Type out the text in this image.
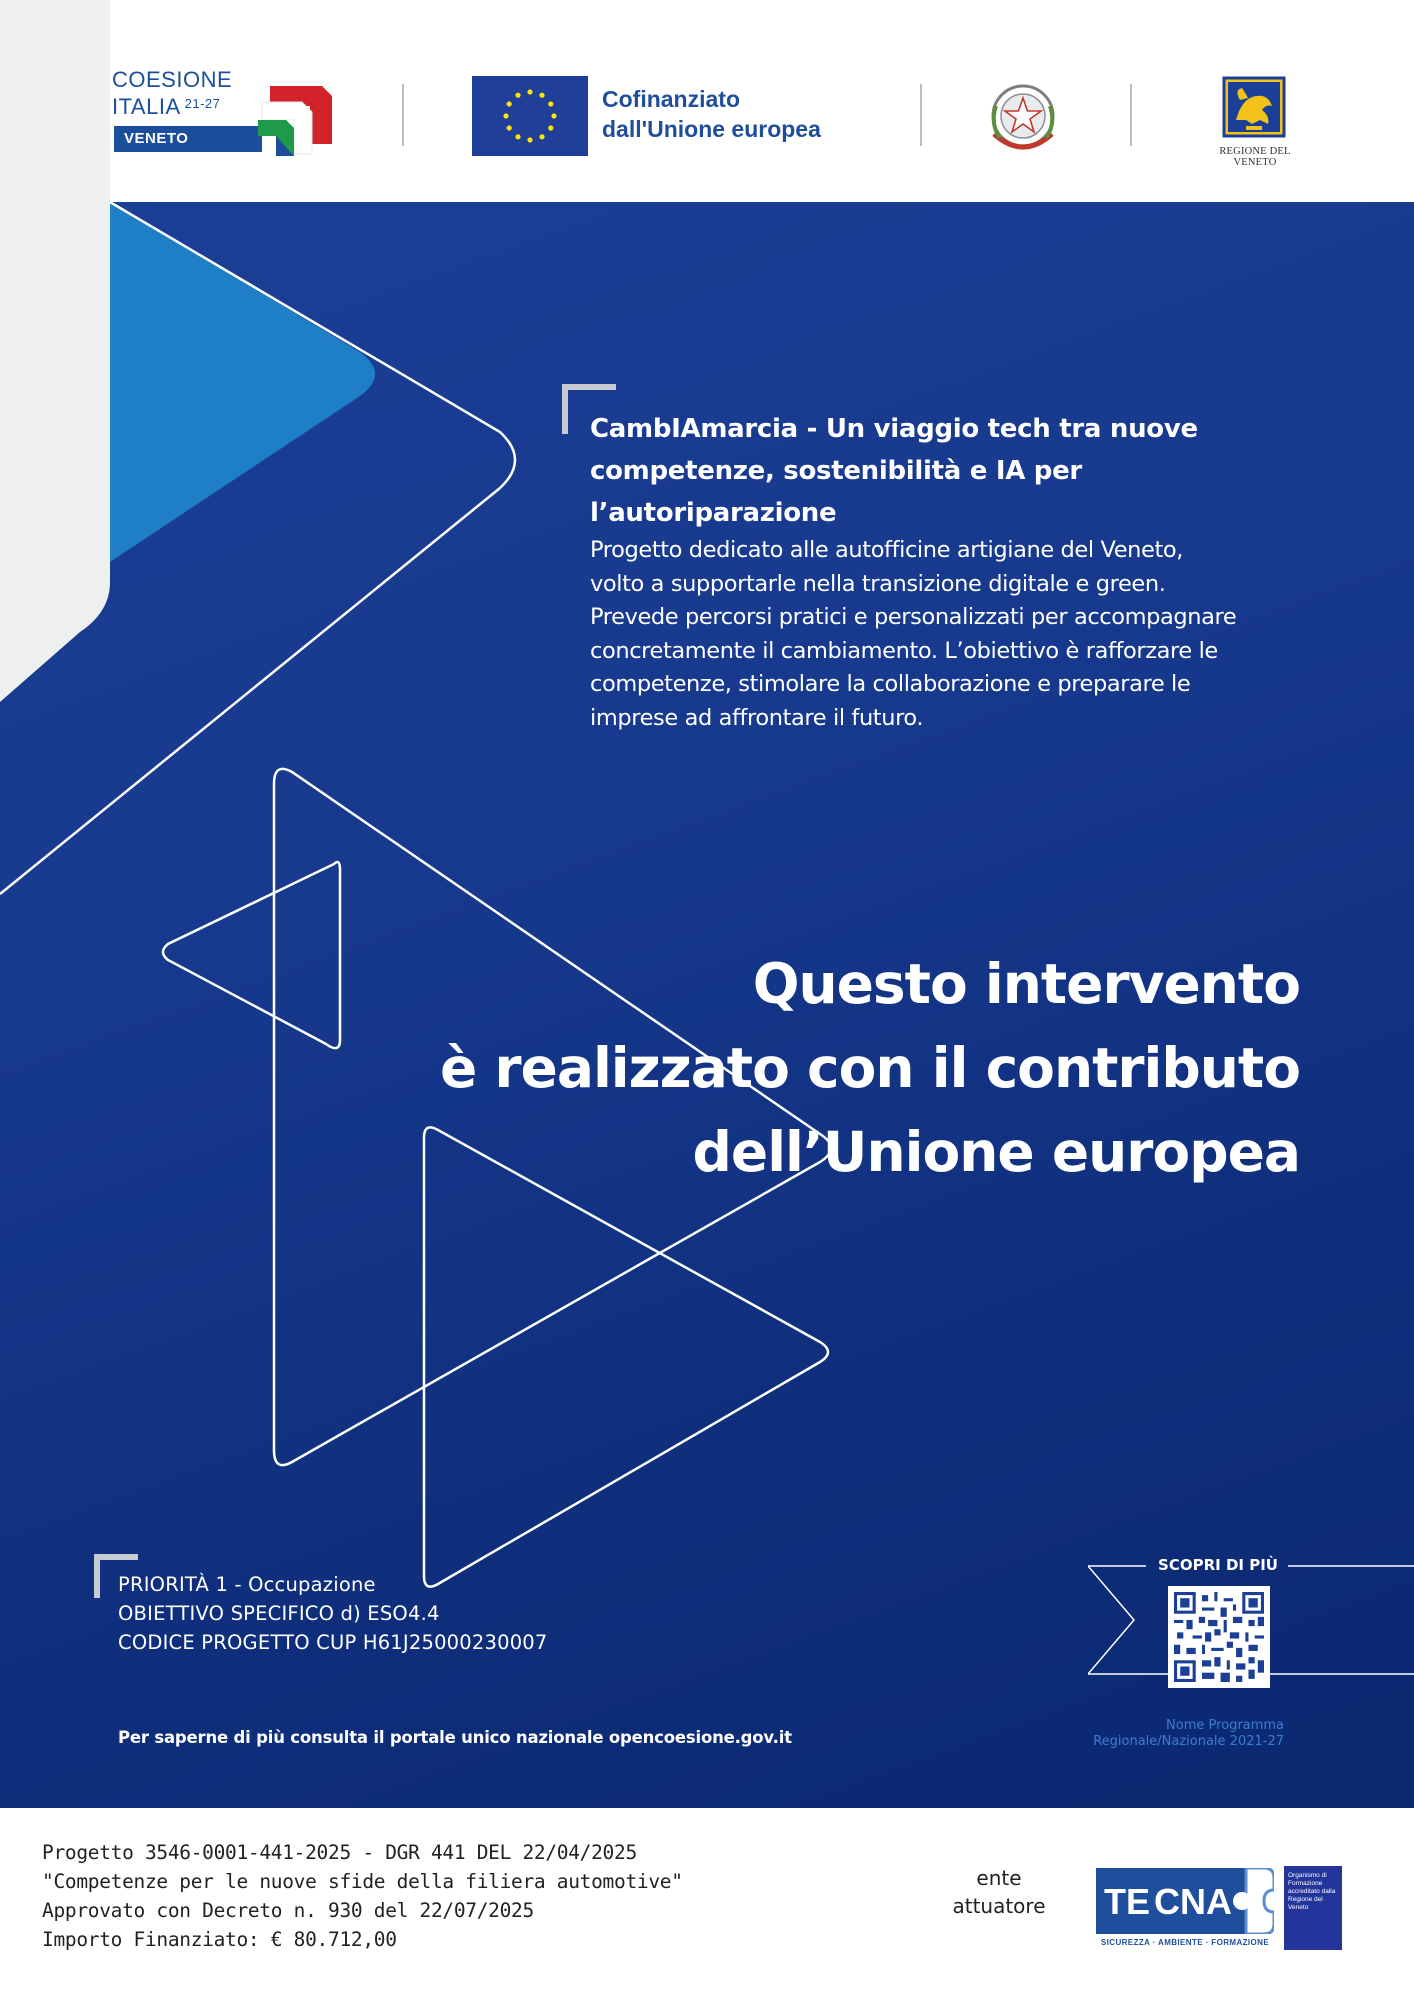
COESIONE
ITALIA $^{21-27}$
VENETO
Cofinanziato
dall'Unione europea
REGIONE DEL VENETO
CambIAmarcia - Un viaggio tech tra nuove
competenze, sostenibilità e IA per
l’autoriparazione
Progetto dedicato alle autofficine artigiane del Veneto,
volto a supportarle nella transizione digitale e green.
Prevede percorsi pratici e personalizzati per accompagnare
concretamente il cambiamento. L’obiettivo è rafforzare le
competenze, stimolare la collaborazione e preparare le
imprese ad affrontare il futuro.
Questo intervento
è realizzato con il contributo
dell’Unione europea
PRIORITÀ 1 - Occupazione
OBIETTIVO SPECIFICO d) ESO4.4
CODICE PROGETTO CUP H61J25000230007
Per saperne di più consulta il portale unico nazionale opencoesione.gov.it
SCOPRI DI PIÙ
Nome Programma
Regionale/Nazionale 2021-27
Progetto 3546-0001-441-2025 - DGR 441 DEL 22/04/2025
"Competenze per le nuove sfide della filiera automotive"
Approvato con Decreto n. 930 del 22/07/2025
Importo Finanziato: € 80.712,00
ente
attuatore	TE C NA
SICUREZZA · AMBIENTE · FORMAZIONE
Organismo di Formazione accreditato dalla Regione del Veneto
